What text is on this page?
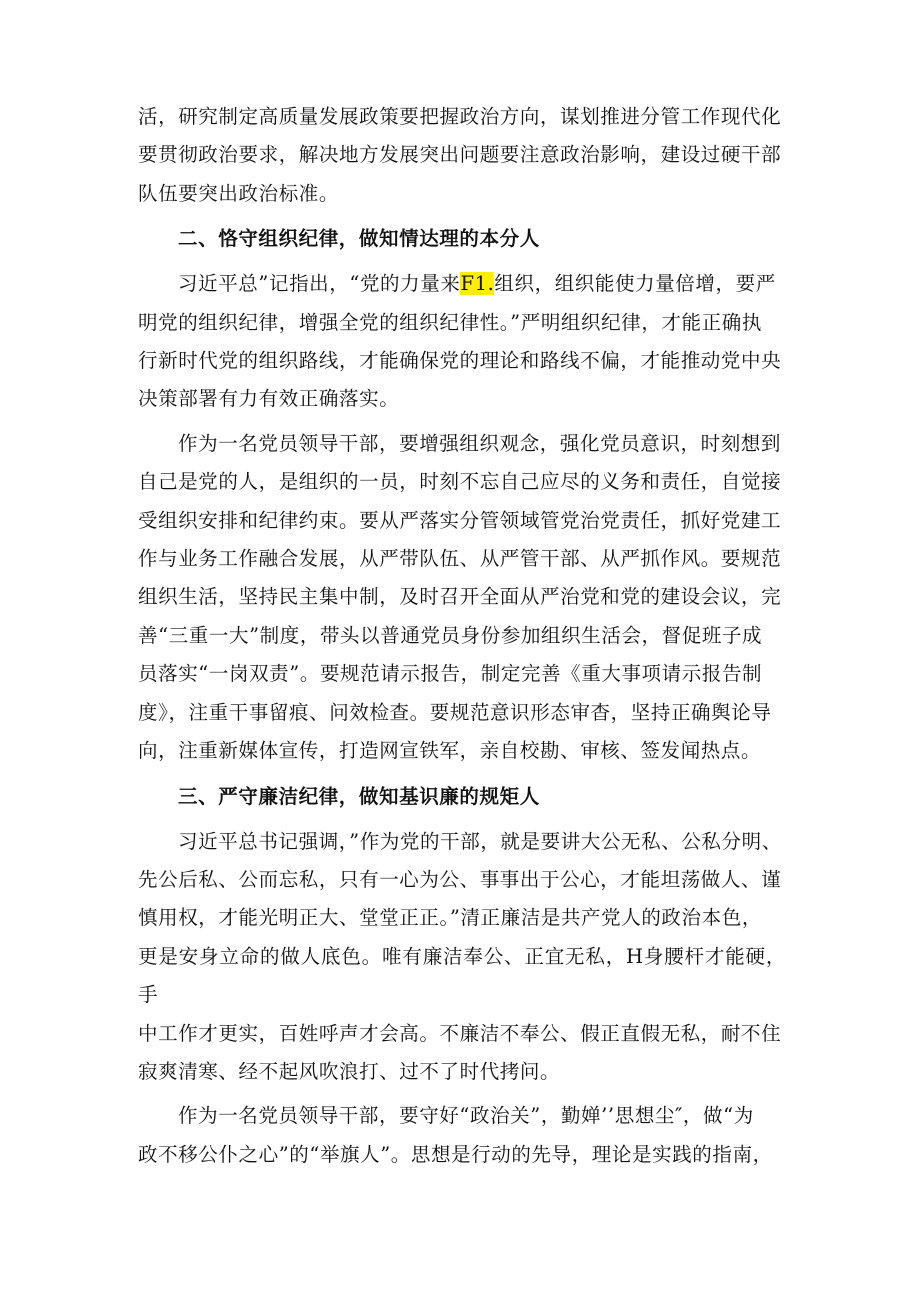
活，研究制定高质量发展政策要把握政治方向，谋划推进分管工作现代化
要贯彻政治要求，解决地方发展突出问题要注意政治影响，建设过硬干部
队伍要突出政治标准。

二、恪守组织纪律，做知情达理的本分人

习近平总”记指出，“党的力量来F1.组织，组织能使力量倍增，要严
明党的组织纪律，增强全党的组织纪律性。”严明组织纪律，才能正确执
行新时代党的组织路线，才能确保党的理论和路线不偏，才能推动党中央
决策部署有力有效正确落实。

作为一名党员领导干部，要增强组织观念，强化党员意识，时刻想到
自己是党的人，是组织的一员，时刻不忘自己应尽的义务和责任，自觉接
受组织安排和纪律约束。要从严落实分管领域管党治党责任，抓好党建工
作与业务工作融合发展，从严带队伍、从严管干部、从严抓作风。要规范
组织生活，坚持民主集中制，及时召开全面从严治党和党的建设会议，完
善“三重一大”制度，带头以普通党员身份参加组织生活会，督促班子成
员落实“一岗双责”。要规范请示报告，制定完善《重大事项请示报告制
度》，注重干事留痕、问效检查。要规范意识形态审杳，坚持正确舆论导
向，注重新媒体宣传，打造网宣铁军，亲自校勘、审核、签发闻热点。

三、严守廉洁纪律，做知基识廉的规矩人

习近平总书记强调，”作为党的干部，就是要讲大公无私、公私分明、
先公后私、公而忘私，只有一心为公、事事出于公心，才能坦荡做人、谨
慎用权，才能光明正大、堂堂正正。”清正廉洁是共产党人的政治本色，
更是安身立命的做人底色。唯有廉洁奉公、正宜无私，H身腰杆才能硬，手
中工作才更实，百姓呼声才会高。不廉洁不奉公、假正直假无私，耐不住
寂爽清寒、经不起风吹浪打、过不了时代拷问。

作为一名党员领导干部，要守好“政治关”，勤婵’’思想尘″，做“为
政不移公仆之心”的“举旗人”。思想是行动的先导，理论是实践的指南，
